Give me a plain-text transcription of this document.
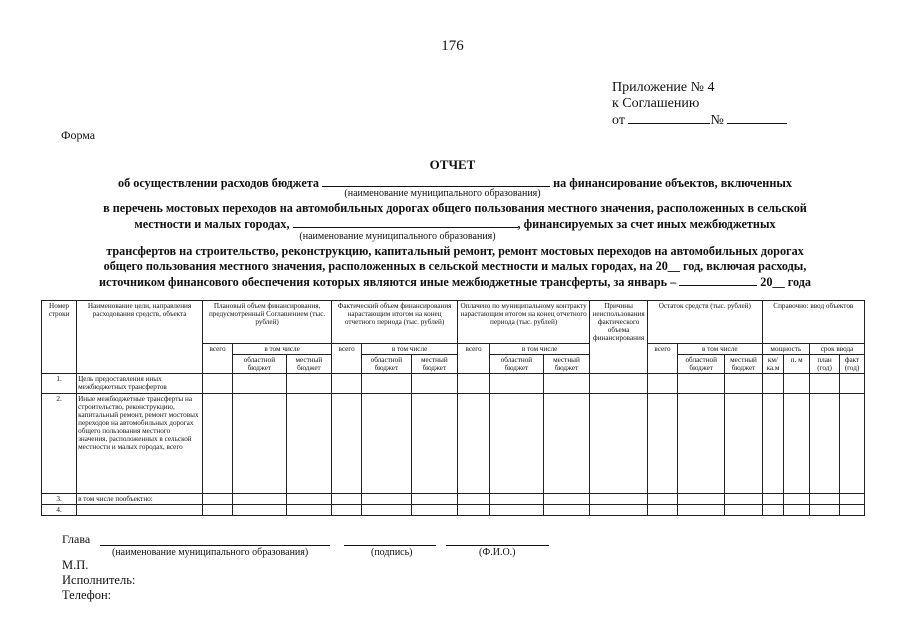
176
Приложение № 4
к Соглашению
от	№
Форма
ОТЧЕТ
об осуществлении расходов бюджета	на финансирование объектов, включенных
(наименование муниципального образования)
в перечень мостовых переходов на автомобильных дорогах общего пользования местного значения, расположенных в сельской
местности и малых городах,	, финансируемых за счет иных межбюджетных
(наименование муниципального образования)
трансфертов на строительство, реконструкцию, капитальный ремонт, ремонт мостовых переходов на автомобильных дорогах
общего пользования местного значения, расположенных в сельской местности и малых городах, на 20__ год, включая расходы,
источником финансового обеспечения которых являются иные межбюджетные трансферты, за январь –	20__ года
Номер строки	Наименование цели, направления расходования средств, объекта	Плановый объем финансирования, предусмотренный Соглашением (тыс. рублей)			Фактический объем финансирования нарастающим итогом на конец отчетного периода (тыс. рублей)			Оплачено по муниципальному контракту нарастающим итогом на конец отчетного периода (тыс. рублей)			Причины неиспользования фактического объема финансирования	Остаток средств (тыс. рублей)			Справочно: ввод объектов			
		всего	в том числе		всего	в том числе		всего	в том числе			всего	в том числе		мощность		срок ввода	
			областной бюджет	местный бюджет		областной бюджет	местный бюджет		областной бюджет	местный бюджет			областной бюджет	местный бюджет	км/ ка.м	п. м	план (год)	факт (год)
1.	Цель предоставления иных межбюджетных трансфертов																	
2.	Иные межбюджетные трансферты на строительство, реконструкцию, капитальный ремонт, ремонт мостовых переходов на автомобильных дорогах общего пользования местного значения, расположенных в сельской местности и малых городах, всего																	
3.	в том числе пообъектно:																	
4.																		
Глава
(наименование муниципального образования)	(подпись)	(Ф.И.О.)
М.П.
Исполнитель:
Телефон:
